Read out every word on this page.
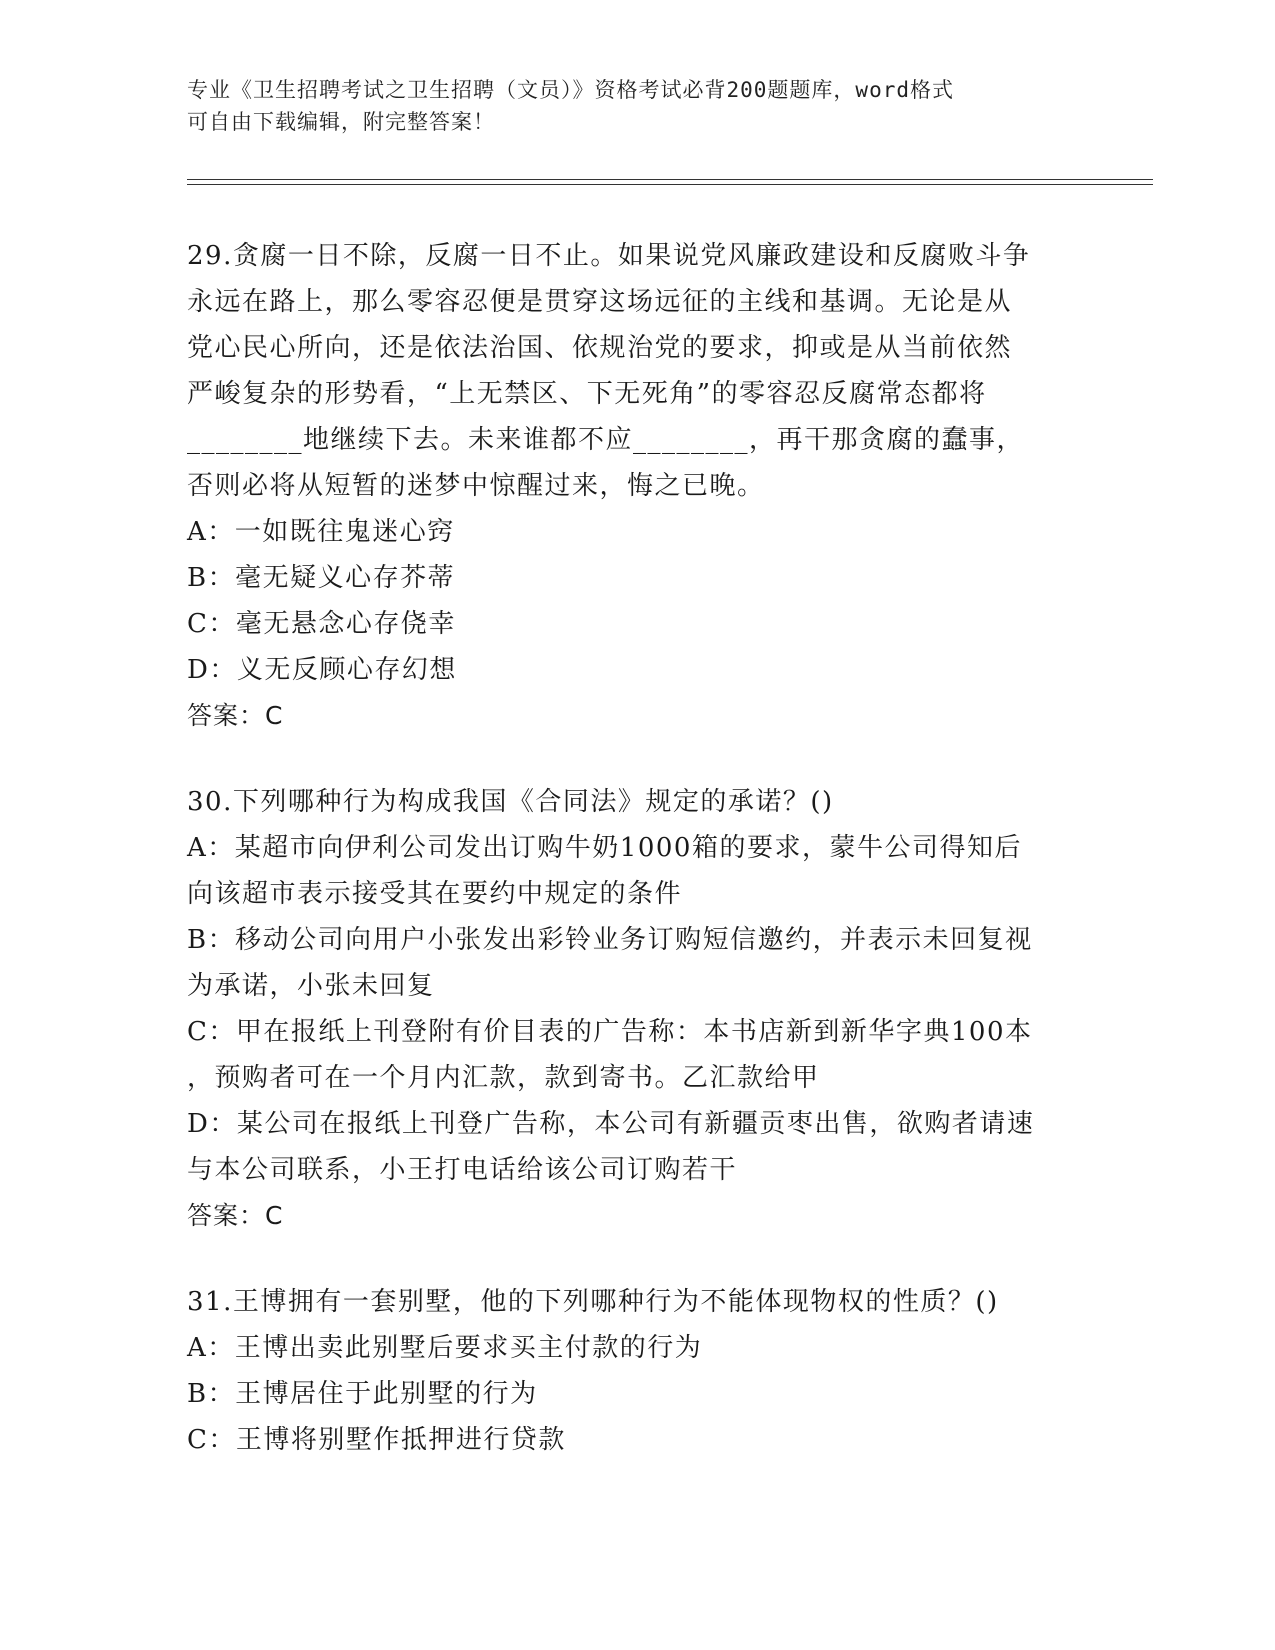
专业《卫生招聘考试之卫生招聘（文员）》资格考试必背200题题库，word格式
可自由下载编辑，附完整答案！

29.贪腐一日不除，反腐一日不止。如果说党风廉政建设和反腐败斗争

永远在路上，那么零容忍便是贯穿这场远征的主线和基调。无论是从

党心民心所向，还是依法治国、依规治党的要求，抑或是从当前依然

严峻复杂的形势看，“上无禁区、下无死角”的零容忍反腐常态都将

________地继续下去。未来谁都不应________，再干那贪腐的蠢事，

否则必将从短暂的迷梦中惊醒过来，悔之已晚。

A：一如既往鬼迷心窍

B：毫无疑义心存芥蒂

C：毫无悬念心存侥幸

D：义无反顾心存幻想

答案：C

30.下列哪种行为构成我国《合同法》规定的承诺？()

A：某超市向伊利公司发出订购牛奶1000箱的要求，蒙牛公司得知后

向该超市表示接受其在要约中规定的条件

B：移动公司向用户小张发出彩铃业务订购短信邀约，并表示未回复视

为承诺，小张未回复

C：甲在报纸上刊登附有价目表的广告称：本书店新到新华字典100本

，预购者可在一个月内汇款，款到寄书。乙汇款给甲

D：某公司在报纸上刊登广告称，本公司有新疆贡枣出售，欲购者请速

与本公司联系，小王打电话给该公司订购若干

答案：C

31.王博拥有一套别墅，他的下列哪种行为不能体现物权的性质？()

A：王博出卖此别墅后要求买主付款的行为

B：王博居住于此别墅的行为

C：王博将别墅作抵押进行贷款
